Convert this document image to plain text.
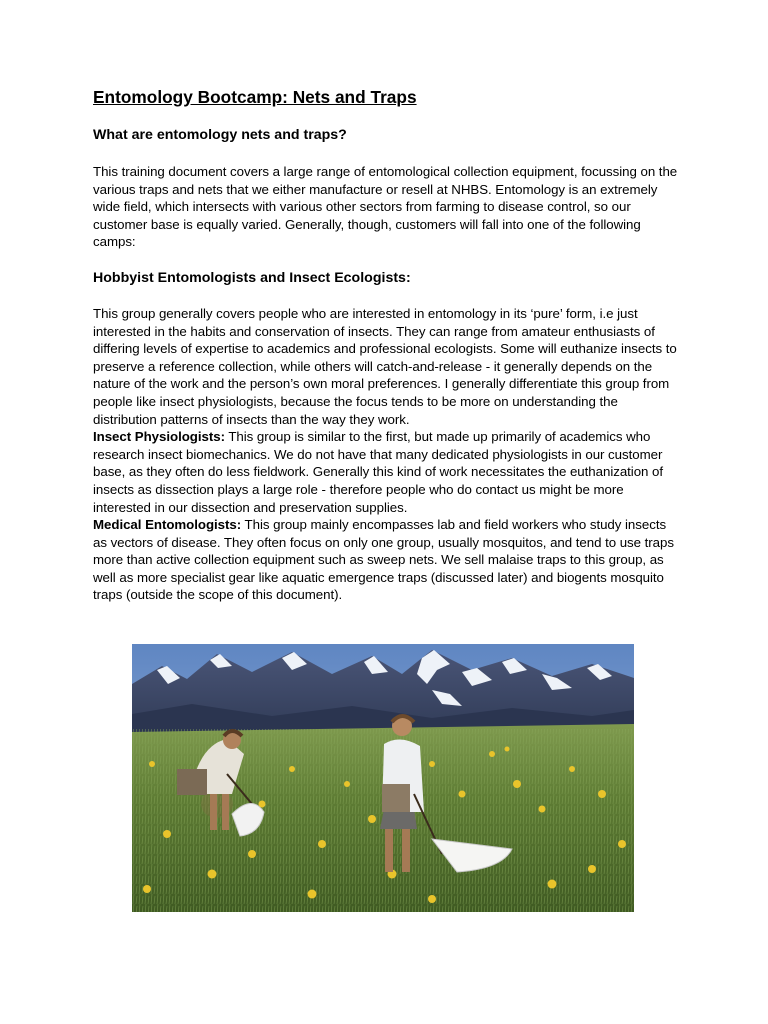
Entomology Bootcamp: Nets and Traps
What are entomology nets and traps?

This training document covers a large range of entomological collection equipment, focussing on the various traps and nets that we either manufacture or resell at NHBS. Entomology is an extremely wide field, which intersects with various other sectors from farming to disease control, so our customer base is equally varied. Generally, though, customers will fall into one of the following camps:

Hobbyist Entomologists and Insect Ecologists:

This group generally covers people who are interested in entomology in its ‘pure’ form, i.e just interested in the habits and conservation of insects. They can range from amateur enthusiasts of differing levels of expertise to academics and professional ecologists. Some will euthanize insects to preserve a reference collection, while others will catch-and-release - it generally depends on the nature of the work and the person’s own moral preferences. I generally differentiate this group from people like insect physiologists, because the focus tends to be more on understanding the distribution patterns of insects than the way they work.

Insect Physiologists: This group is similar to the first, but made up primarily of academics who research insect biomechanics. We do not have that many dedicated physiologists in our customer base, as they often do less fieldwork. Generally this kind of work necessitates the euthanization of insects as dissection plays a large role - therefore people who do contact us might be more interested in our dissection and preservation supplies.

Medical Entomologists: This group mainly encompasses lab and field workers who study insects as vectors of disease. They often focus on only one group, usually mosquitos, and tend to use traps more than active collection equipment such as sweep nets. We sell malaise traps to this group, as well as more specialist gear like aquatic emergence traps (discussed later) and biogents mosquito traps (outside the scope of this document).
